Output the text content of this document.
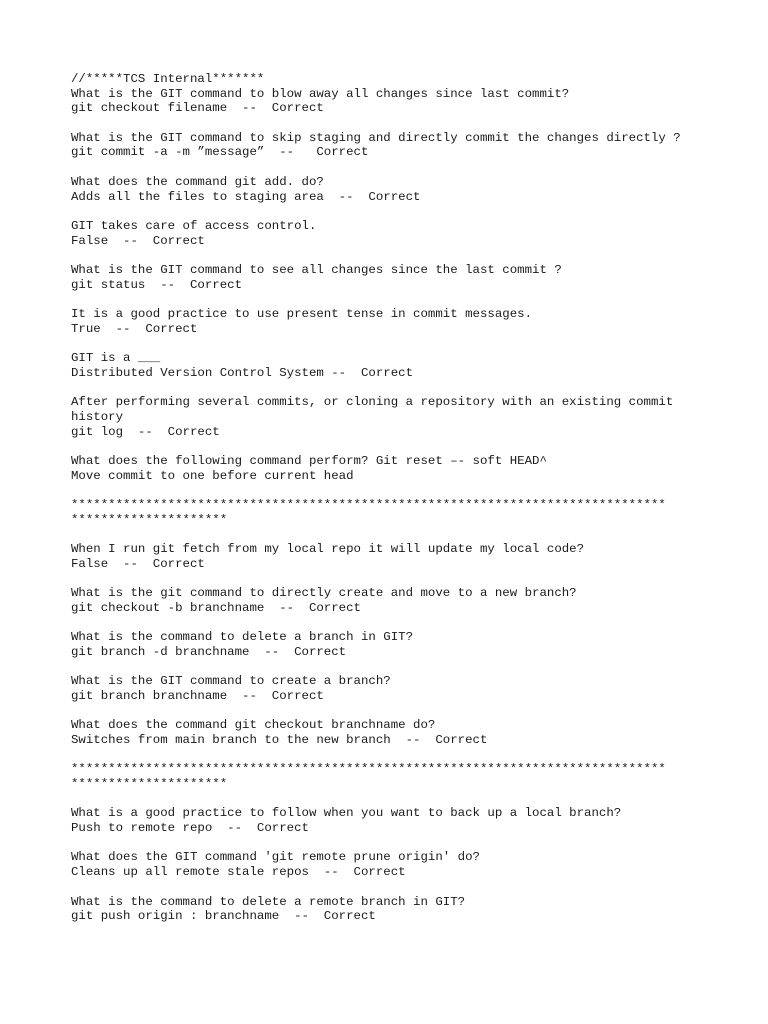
//*****TCS Internal*******
What is the GIT command to blow away all changes since last commit?
git checkout filename  --  Correct
What is the GIT command to skip staging and directly commit the changes directly ?
git commit -a -m ”message”  --   Correct
What does the command git add. do?
Adds all the files to staging area  --  Correct
GIT takes care of access control.
False  --  Correct
What is the GIT command to see all changes since the last commit ?
git status  --  Correct
It is a good practice to use present tense in commit messages.
True  --  Correct
GIT is a ___
Distributed Version Control System --  Correct
After performing several commits, or cloning a repository with an existing commit
history
git log  --  Correct
What does the following command perform? Git reset –- soft HEAD^
Move commit to one before current head
********************************************************************************
*********************
When I run git fetch from my local repo it will update my local code?
False  --  Correct
What is the git command to directly create and move to a new branch?
git checkout -b branchname  --  Correct
What is the command to delete a branch in GIT?
git branch -d branchname  --  Correct
What is the GIT command to create a branch?
git branch branchname  --  Correct
What does the command git checkout branchname do?
Switches from main branch to the new branch  --  Correct
********************************************************************************
*********************
What is a good practice to follow when you want to back up a local branch?
Push to remote repo  --  Correct
What does the GIT command 'git remote prune origin' do?
Cleans up all remote stale repos  --  Correct
What is the command to delete a remote branch in GIT?
git push origin : branchname  --  Correct
